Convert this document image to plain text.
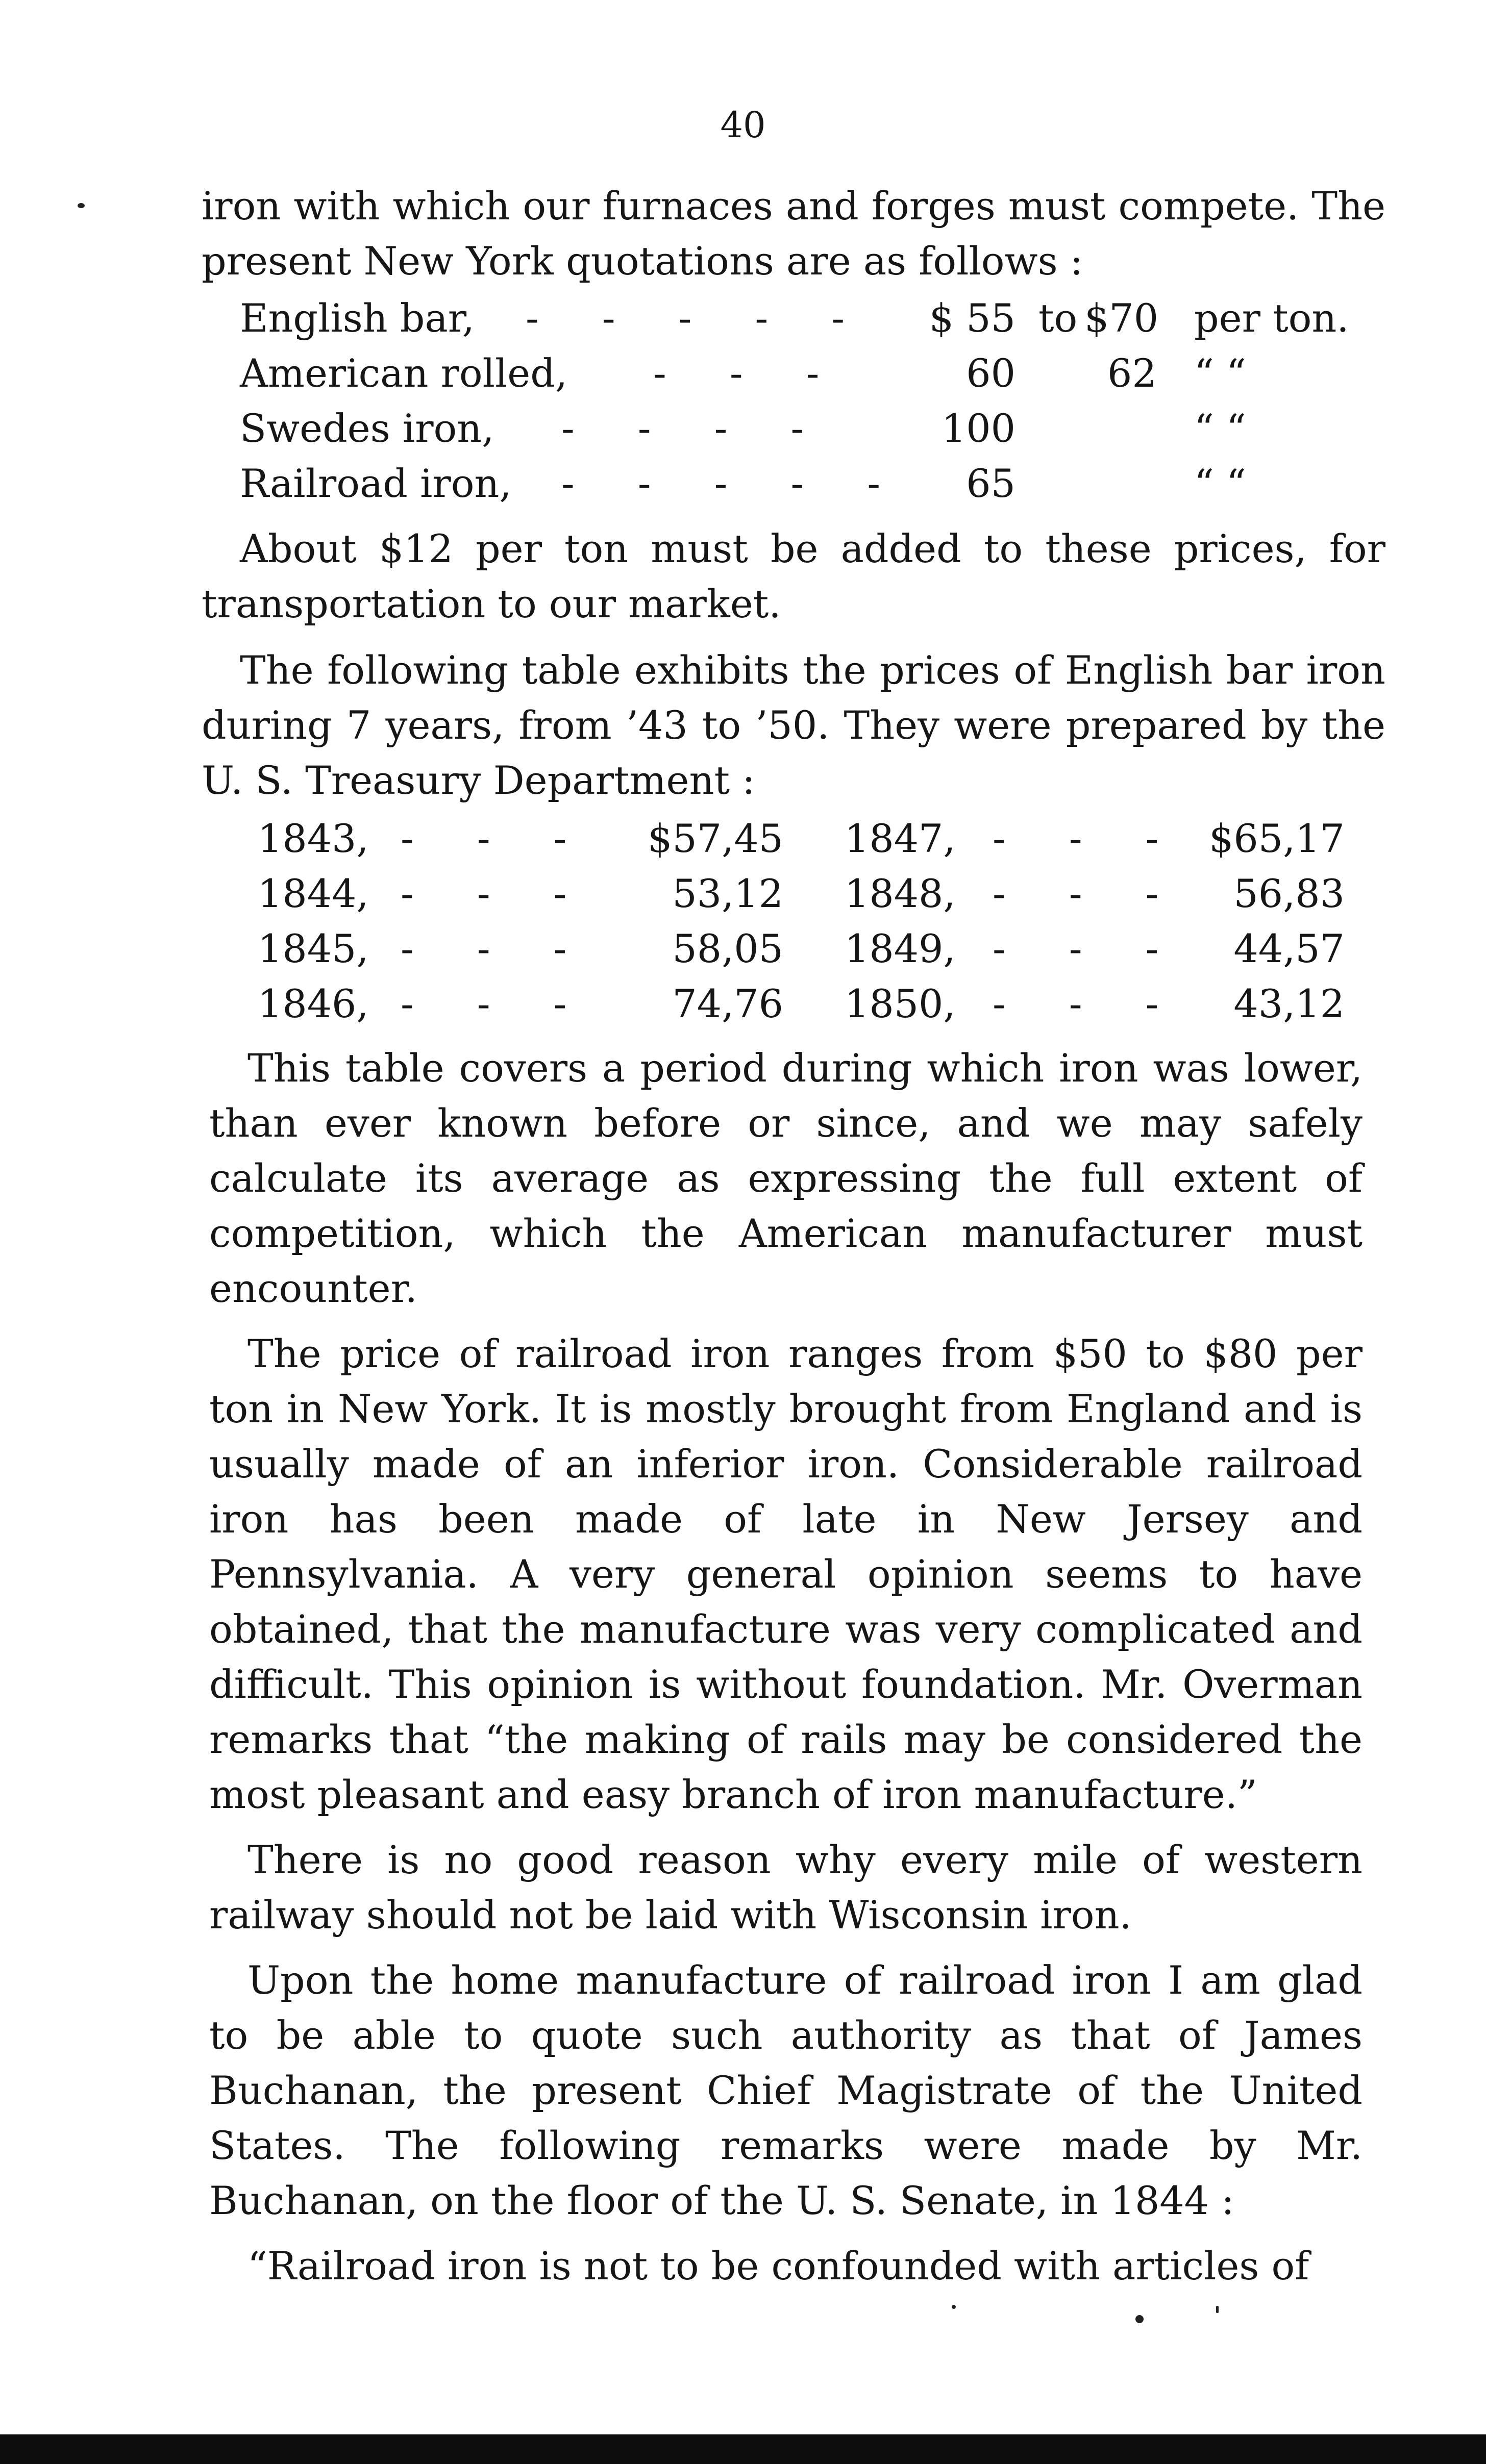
40

iron with which our furnaces and forges must compete. The present New York quotations are as follows :

English bar, - - - - - $ 55 to $70 per ton.
American rolled, - - -	60 62 “ “
Swedes iron, - - - -	100	“ “
Railroad iron, - - - - -	65	“ “

About $12 per ton must be added to these prices, for transportation to our market.

The following table exhibits the prices of English bar iron during 7 years, from ’43 to ’50. They were prepared by the U. S. Treasury Department :

1843, - - -	$57,45 1847, - - - $65,17
1844, - - -	53,12 1848, - - -	56,83
1845, - - -	58,05 1849, - - -	44,57
1846, - - -	74,76 1850, - - -	43,12

This table covers a period during which iron was lower, than ever known before or since, and we may safely calculate its average as expressing the full extent of competition, which the American manufacturer must encounter.

The price of railroad iron ranges from $50 to $80 per ton in New York. It is mostly brought from England and is usually made of an inferior iron. Considerable railroad iron has been made of late in New Jersey and Pennsylvania. A very general opinion seems to have obtained, that the manufacture was very complicated and difficult. This opinion is without foundation. Mr. Overman remarks that “the making of rails may be considered the most pleasant and easy branch of iron manufacture.”

There is no good reason why every mile of western railway should not be laid with Wisconsin iron.

Upon the home manufacture of railroad iron I am glad to be able to quote such authority as that of James Buchanan, the present Chief Magistrate of the United States. The following remarks were made by Mr. Buchanan, on the floor of the U. S. Senate, in 1844 :

“Railroad iron is not to be confounded with articles of
